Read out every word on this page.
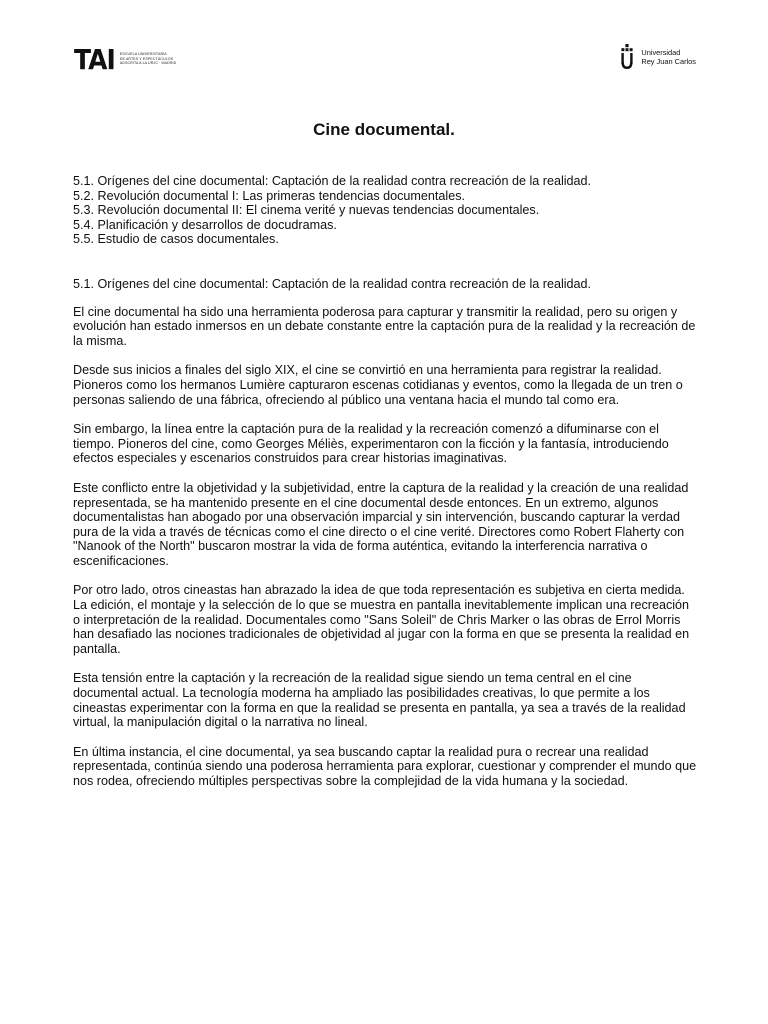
TAI ESCUELA UNIVERSITARIA
DE ARTES Y ESPECTÁCULOS
ADSCRITA A LA URJC · MADRID
Universidad
Rey Juan Carlos
Cine documental.
5.1. Orígenes del cine documental: Captación de la realidad contra recreación de la realidad.
5.2. Revolución documental I: Las primeras tendencias documentales.
5.3. Revolución documental II: El cinema verité y nuevas tendencias documentales.
5.4. Planificación y desarrollos de docudramas.
5.5. Estudio de casos documentales.
5.1. Orígenes del cine documental: Captación de la realidad contra recreación de la realidad.

El cine documental ha sido una herramienta poderosa para capturar y transmitir la realidad, pero su origen y evolución han estado inmersos en un debate constante entre la captación pura de la realidad y la recreación de la misma.

Desde sus inicios a finales del siglo XIX, el cine se convirtió en una herramienta para registrar la realidad. Pioneros como los hermanos Lumière capturaron escenas cotidianas y eventos, como la llegada de un tren o personas saliendo de una fábrica, ofreciendo al público una ventana hacia el mundo tal como era.

Sin embargo, la línea entre la captación pura de la realidad y la recreación comenzó a difuminarse con el tiempo. Pioneros del cine, como Georges Méliès, experimentaron con la ficción y la fantasía, introduciendo efectos especiales y escenarios construidos para crear historias imaginativas.

Este conflicto entre la objetividad y la subjetividad, entre la captura de la realidad y la creación de una realidad representada, se ha mantenido presente en el cine documental desde entonces. En un extremo, algunos documentalistas han abogado por una observación imparcial y sin intervención, buscando capturar la verdad pura de la vida a través de técnicas como el cine directo o el cine verité. Directores como Robert Flaherty con "Nanook of the North" buscaron mostrar la vida de forma auténtica, evitando la interferencia narrativa o escenificaciones.

Por otro lado, otros cineastas han abrazado la idea de que toda representación es subjetiva en cierta medida. La edición, el montaje y la selección de lo que se muestra en pantalla inevitablemente implican una recreación o interpretación de la realidad. Documentales como "Sans Soleil" de Chris Marker o las obras de Errol Morris han desafiado las nociones tradicionales de objetividad al jugar con la forma en que se presenta la realidad en pantalla.

Esta tensión entre la captación y la recreación de la realidad sigue siendo un tema central en el cine documental actual. La tecnología moderna ha ampliado las posibilidades creativas, lo que permite a los cineastas experimentar con la forma en que la realidad se presenta en pantalla, ya sea a través de la realidad virtual, la manipulación digital o la narrativa no lineal.

En última instancia, el cine documental, ya sea buscando captar la realidad pura o recrear una realidad representada, continúa siendo una poderosa herramienta para explorar, cuestionar y comprender el mundo que nos rodea, ofreciendo múltiples perspectivas sobre la complejidad de la vida humana y la sociedad.
